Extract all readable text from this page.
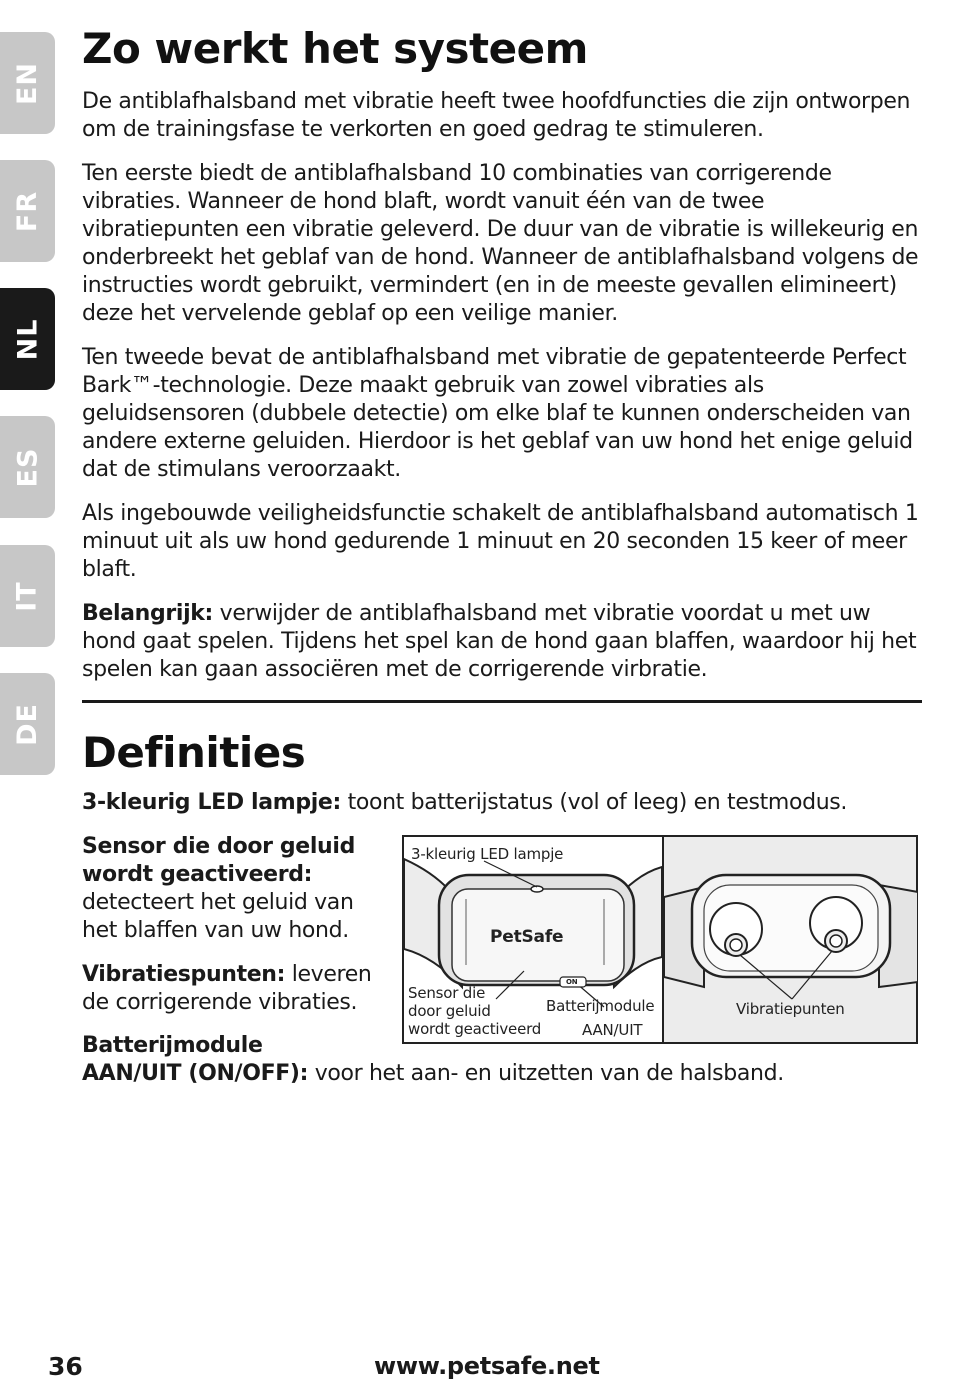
EN
FR
NL
ES
IT
DE
Zo werkt het systeem

De antiblafhalsband met vibratie heeft twee hoofdfuncties die zijn ontworpen om de trainingsfase te verkorten en goed gedrag te stimuleren.

Ten eerste biedt de antiblafhalsband 10 combinaties van corrigerende vibraties. Wanneer de hond blaft, wordt vanuit één van de twee vibratiepunten een vibratie geleverd. De duur van de vibratie is willekeurig en onderbreekt het geblaf van de hond. Wanneer de antiblafhalsband volgens de instructies wordt gebruikt, vermindert (en in de meeste gevallen elimineert) deze het vervelende geblaf op een veilige manier.

Ten tweede bevat de antiblafhalsband met vibratie de gepatenteerde Perfect Bark™-technologie. Deze maakt gebruik van zowel vibraties als geluidsensoren (dubbele detectie) om elke blaf te kunnen onderscheiden van andere externe geluiden. Hierdoor is het geblaf van uw hond het enige geluid dat de stimulans veroorzaakt.

Als ingebouwde veiligheidsfunctie schakelt de antiblafhalsband automatisch 1 minuut uit als uw hond gedurende 1 minuut en 20 seconden 15 keer of meer blaft.

Belangrijk: verwijder de antiblafhalsband met vibratie voordat u met uw hond gaat spelen. Tijdens het spel kan de hond gaan blaffen, waardoor hij het spelen kan gaan associëren met de corrigerende virbratie.

Definities

3-kleurig LED lampje: toont batterijstatus (vol of leeg) en testmodus.

Sensor die door geluid wordt geactiveerd: detecteert het geluid van het blaffen van uw hond.

Vibratiespunten: leveren de corrigerende vibraties.

Batterijmodule
AAN/UIT (ON/OFF): voor het aan- en uitzetten van de halsband.

3-kleurig LED lampje
PetSafe
ON
Sensor die
door geluid
wordt geactiveerd
Batterijmodule
AAN/UIT
Vibratiepunten
36	www.petsafe.net
